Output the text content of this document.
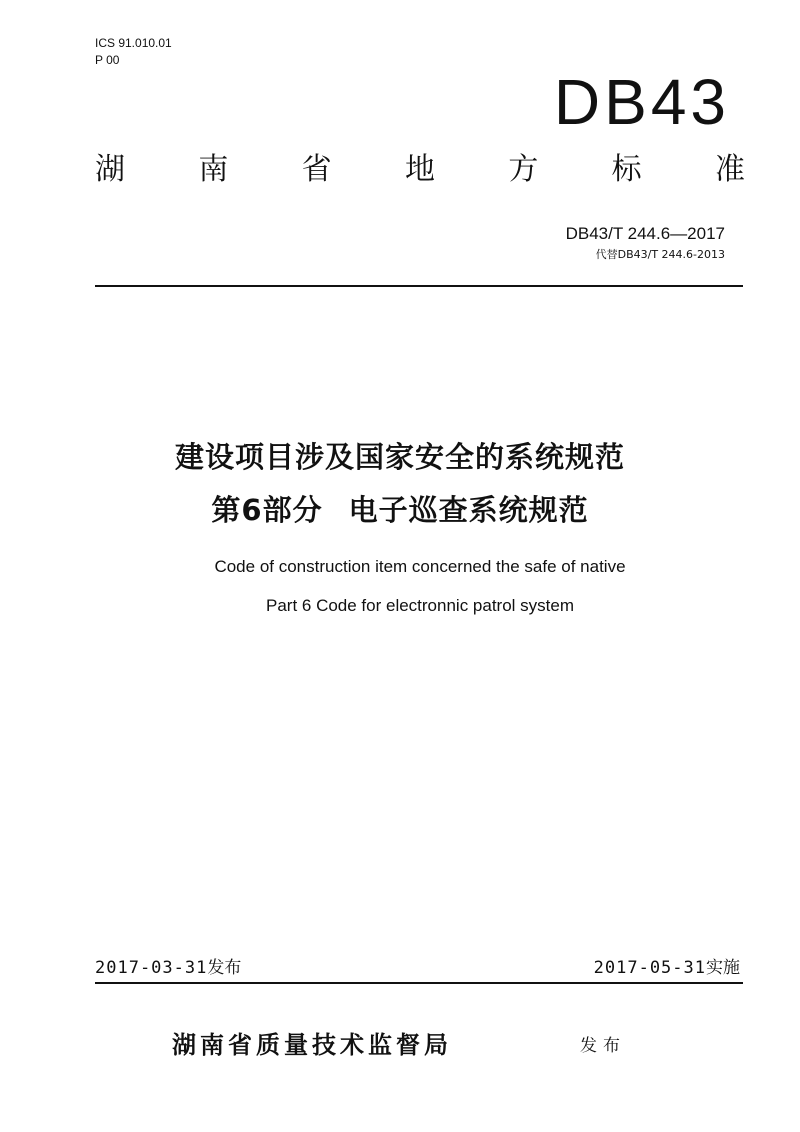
ICS 91.010.01
P 00
DB43
湖 南 省 地 方 标 准
DB43/T 244.6—2017
代替DB43/T 244.6-2013
建设项目涉及国家安全的系统规范
第6部分 电子巡查系统规范
Code of construction item concerned the safe of native
Part 6 Code for electronnic patrol system
2017-03-31发布	2017-05-31实施
湖南省质量技术监督局	发布
